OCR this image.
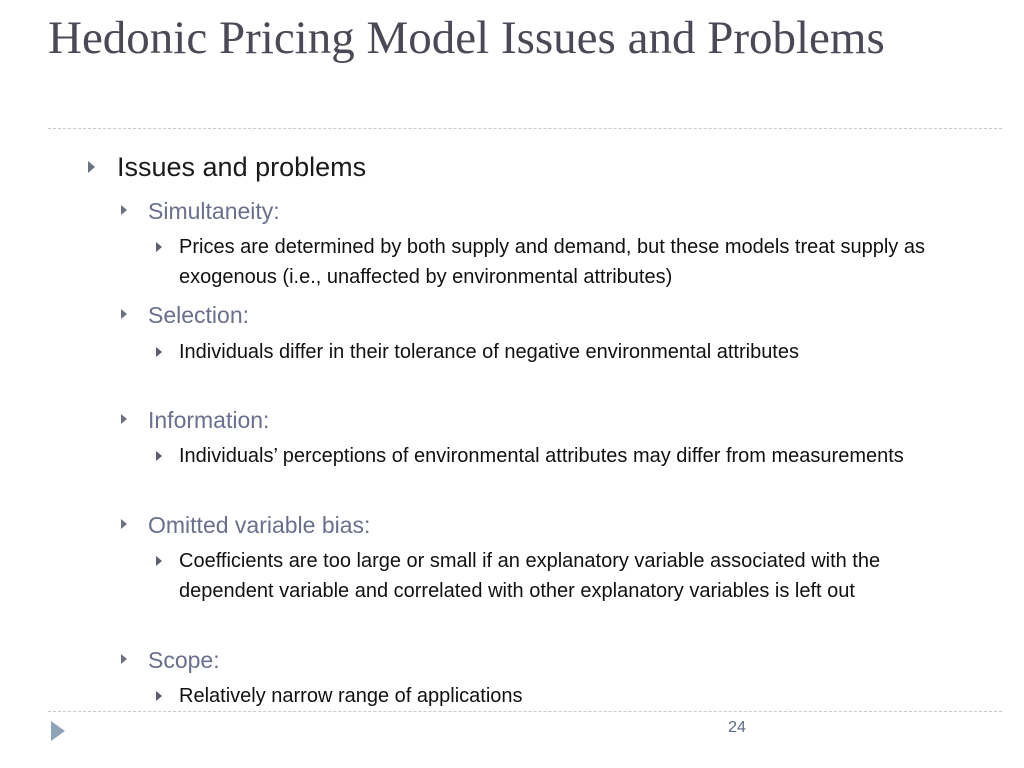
Hedonic Pricing Model Issues and Problems
Issues and problems
Simultaneity:
Prices are determined by both supply and demand, but these models treat supply as exogenous (i.e., unaffected by environmental attributes)
Selection:
Individuals differ in their tolerance of negative environmental attributes
Information:
Individuals’ perceptions of environmental attributes may differ from measurements
Omitted variable bias:
Coefficients are too large or small if an explanatory variable associated with the dependent variable and correlated with other explanatory variables is left out
Scope:
Relatively narrow range of applications
24
